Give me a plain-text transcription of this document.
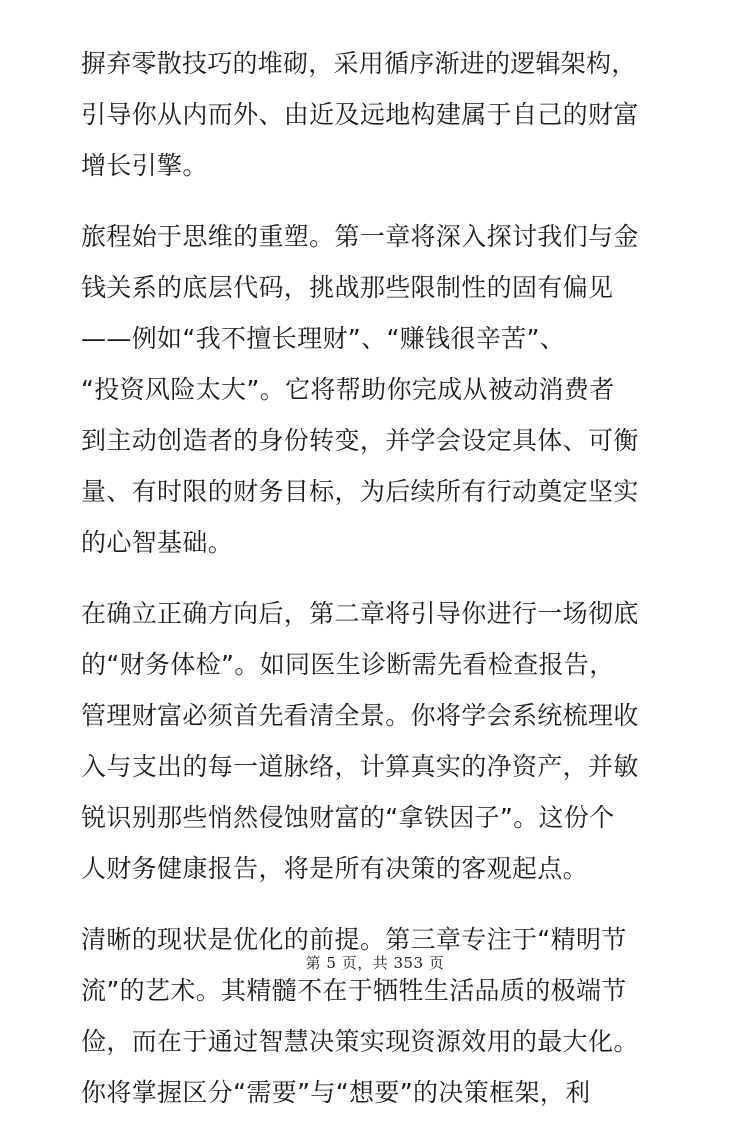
摒弃零散技巧的堆砌，采用循序渐进的逻辑架构，
引导你从内而外、由近及远地构建属于自己的财富
增长引擎。
旅程始于思维的重塑。第一章将深入探讨我们与金
钱关系的底层代码，挑战那些限制性的固有偏见
——例如“我不擅长理财”、“赚钱很辛苦”、
“投资风险太大”。它将帮助你完成从被动消费者
到主动创造者的身份转变，并学会设定具体、可衡
量、有时限的财务目标，为后续所有行动奠定坚实
的心智基础。
在确立正确方向后，第二章将引导你进行一场彻底
的“财务体检”。如同医生诊断需先看检查报告，
管理财富必须首先看清全景。你将学会系统梳理收
入与支出的每一道脉络，计算真实的净资产，并敏
锐识别那些悄然侵蚀财富的“拿铁因子”。这份个
人财务健康报告，将是所有决策的客观起点。
清晰的现状是优化的前提。第三章专注于“精明节
流”的艺术。其精髓不在于牺牲生活品质的极端节
俭，而在于通过智慧决策实现资源效用的最大化。
你将掌握区分“需要”与“想要”的决策框架，利
第 5 页，共 353 页
